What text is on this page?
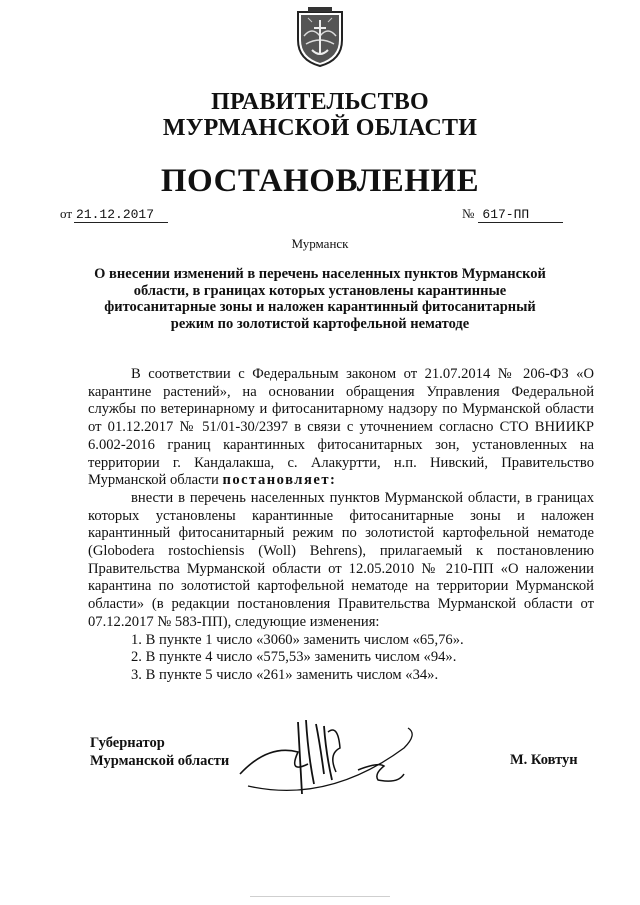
ПРАВИТЕЛЬСТВО
МУРМАНСКОЙ ОБЛАСТИ
ПОСТАНОВЛЕНИЕ
от 21.12.2017	№ 617-ПП
Мурманск
О внесении изменений в перечень населенных пунктов Мурманской области, в границах которых установлены карантинные фитосанитарные зоны и наложен карантинный фитосанитарный режим по золотистой картофельной нематоде

В соответствии с Федеральным законом от 21.07.2014 № 206-ФЗ «О карантине растений», на основании обращения Управления Федеральной службы по ветеринарному и фитосанитарному надзору по Мурманской области от 01.12.2017 № 51/01-30/2397 в связи с уточнением согласно СТО ВНИИКР 6.002-2016 границ карантинных фитосанитарных зон, установленных на территории г. Кандалакша, с. Алакуртти, н.п. Нивский, Правительство Мурманской области постановляет:

внести в перечень населенных пунктов Мурманской области, в границах которых установлены карантинные фитосанитарные зоны и наложен карантинный фитосанитарный режим по золотистой картофельной нематоде (Globodera rostochiensis (Woll) Behrens), прилагаемый к постановлению Правительства Мурманской области от 12.05.2010 № 210-ПП «О наложении карантина по золотистой картофельной нематоде на территории Мурманской области» (в редакции постановления Правительства Мурманской области от 07.12.2017 № 583-ПП), следующие изменения:

1. В пункте 1 число «3060» заменить числом «65,76».

2. В пункте 4 число «575,53» заменить числом «94».

3. В пункте 5 число «261» заменить числом «34».

Губернатор
Мурманской области	М. Ковтун
